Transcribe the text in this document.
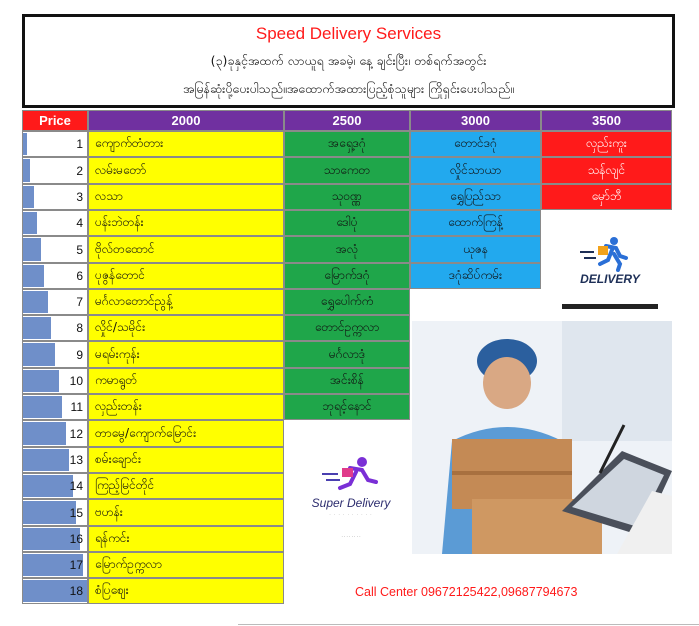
Speed Delivery Services
(၃)ခုနှင့်အထက် လာယူရ အခမဲ့၊ နေ့ ချင်းပြီး၊ တစ်ရက်အတွင်း
အမြန်ဆုံးပို့ပေးပါသည်။အထောက်အထားပြည့်စုံသူများ ကြိုရှင်းပေးပါသည်။
Price	2000	2500	3000	3500
1	ကျောက်တံတား	အရှေ့ဒဂုံ	တောင်ဒဂုံ	လှည်းကူး
2	လမ်းမတော်	သာကေတ	လှိုင်သာယာ	သန်လျင်
3	လသာ	သုဝဏ္ဏ	ရွှေပြည်သာ	မှော်ဘီ
4	ပန်းဘဲတန်း	ဒေါပုံ	ထောက်ကြန့်
5	ဗိုလ်တထောင်	အလုံ	ယုဇန
6	ပုဇွန်တောင်	မြောက်ဒဂုံ	ဒဂုံဆိပ်ကမ်း
7	မင်္ဂလာတောင်ညွန့်	ရွှေပေါက်ကံ
8	လှိုင်/သမိုင်း	တောင်ဥက္ကလာ
9	မရမ်းကုန်း	မင်္ဂလာဒုံ
10	ကမာရွတ်	အင်းစိန်
11	လှည်းတန်း	ဘုရင့်နောင်
12	တာမွေ/ကျောက်မြောင်း
13	စမ်းချောင်း
14	ကြည့်မြင်တိုင်
15	ဗဟန်း
16	ရန်ကင်း
17	မြောက်ဥက္ကလာ
18	စံပြဈေး
DELIVERY
Super Delivery
· · · · · · · · · ·
· · · · · · · ·
Call Center 09672125422,09687794673
